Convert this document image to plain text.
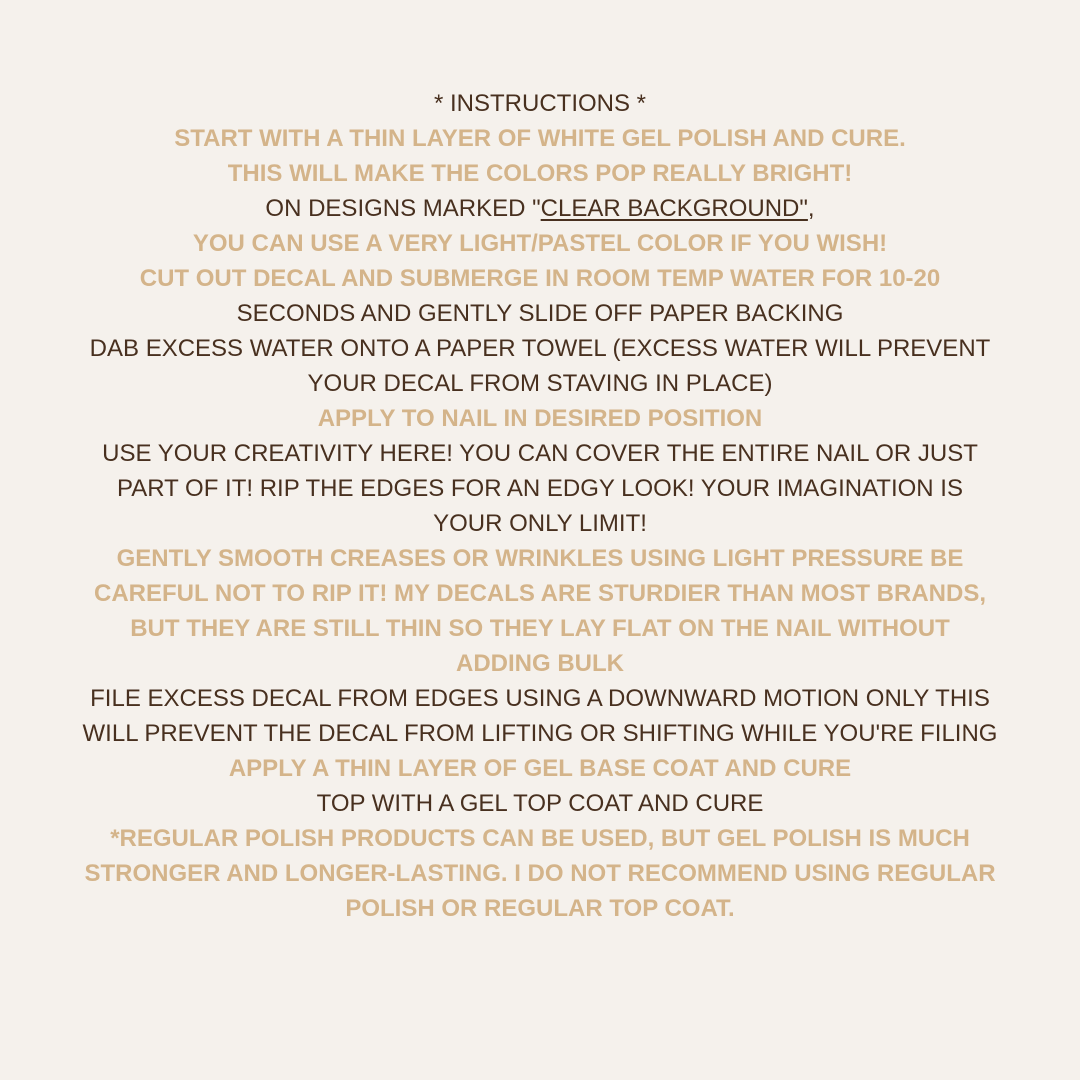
* INSTRUCTIONS *

START WITH A THIN LAYER OF WHITE GEL POLISH AND CURE.

THIS WILL MAKE THE COLORS POP REALLY BRIGHT!

ON DESIGNS MARKED "CLEAR BACKGROUND",

YOU CAN USE A VERY LIGHT/PASTEL COLOR IF YOU WISH!

CUT OUT DECAL AND SUBMERGE IN ROOM TEMP WATER FOR 10-20

SECONDS AND GENTLY SLIDE OFF PAPER BACKING

DAB EXCESS WATER ONTO A PAPER TOWEL (EXCESS WATER WILL PREVENT YOUR DECAL FROM STAVING IN PLACE)

APPLY TO NAIL IN DESIRED POSITION

USE YOUR CREATIVITY HERE! YOU CAN COVER THE ENTIRE NAIL OR JUST PART OF IT! RIP THE EDGES FOR AN EDGY LOOK! YOUR IMAGINATION IS YOUR ONLY LIMIT!

GENTLY SMOOTH CREASES OR WRINKLES USING LIGHT PRESSURE BE CAREFUL NOT TO RIP IT! MY DECALS ARE STURDIER THAN MOST BRANDS, BUT THEY ARE STILL THIN SO THEY LAY FLAT ON THE NAIL WITHOUT ADDING BULK

FILE EXCESS DECAL FROM EDGES USING A DOWNWARD MOTION ONLY THIS WILL PREVENT THE DECAL FROM LIFTING OR SHIFTING WHILE YOU'RE FILING

APPLY A THIN LAYER OF GEL BASE COAT AND CURE

TOP WITH A GEL TOP COAT AND CURE

*REGULAR POLISH PRODUCTS CAN BE USED, BUT GEL POLISH IS MUCH STRONGER AND LONGER-LASTING. I DO NOT RECOMMEND USING REGULAR POLISH OR REGULAR TOP COAT.
